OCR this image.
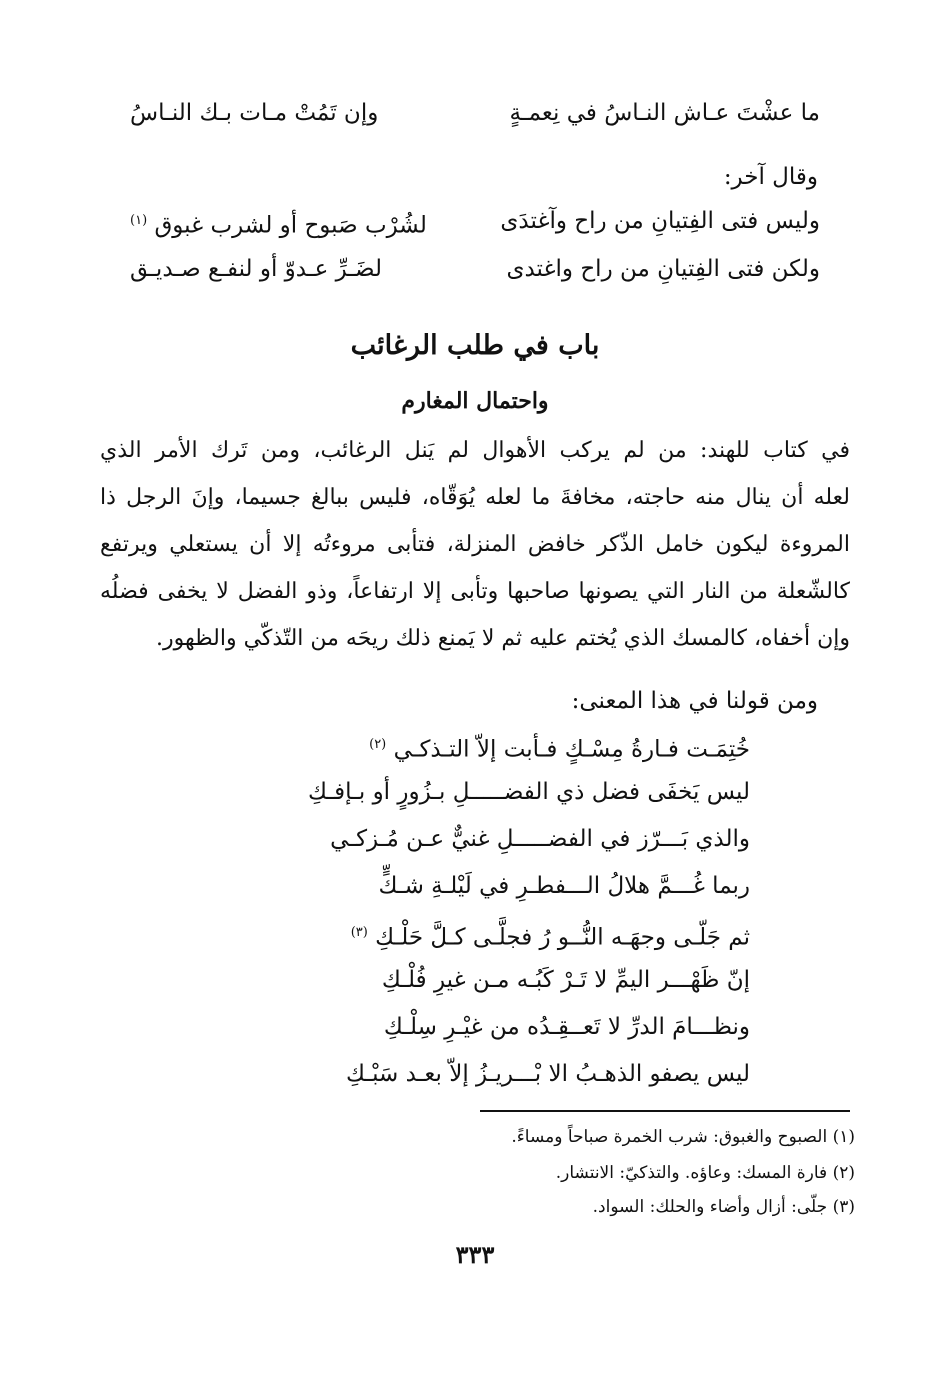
ما عشْتَ عـاش النـاسُ في نِعمـةٍ
وإن تَمُتْ مـات بـك النـاسُ
وقال آخر:
وليس فتى الفِتيانِ من راح وآغتدَى
لشُرْب صَبوح أو لشرب غبوق $^{(١)}$
ولكن فتى الفِتيانِ من راح واغتدى
لضَـرِّ عـدوّ أو لنفـع صـديـق
باب في طلب الرغائب
واحتمال المغارم
في كتاب للهند: من لم يركب الأهوال لم يَنل الرغائب، ومن تَرك الأمر الذي
لعله أن ينال منه حاجته، مخافةَ ما لعله يُوَقّاه، فليس ببالغ جسيما، وإنَ الرجل ذا
المروءة ليكون خامل الذّكر خافض المنزلة، فتأبى مروءتُه إلا أن يستعلي ويرتفع
كالشّعلة من النار التي يصونها صاحبها وتأبى إلا ارتفاعاً، وذو الفضل لا يخفى فضلُه
وإن أخفاه، كالمسك الذي يُختم عليه ثم لا يَمنع ذلك ريحَه من التّذكّي والظهور.
ومن قولنا في هذا المعنى:
خُتِمَـت فـارةُ مِسْـكٍ فـأبت إلاّ التـذكـي $^{(٢)}$
ليس يَخفَى فضل ذي الفضـــــلِ بـزُورٍ أو بـإفـكِ
والذي بَـــرّز في الفضـــــلِ غنيٌّ عـن مُـزكـي
ربما غُـــمَّ هلالُ الـــفطـرِ في لَيْلـةِ شـكٍّ
ثم جَلّـى وجهَـه النُّــو رُ فجلَّـى كـلَّ حَلْـكِ $^{(٣)}$
إنّ ظَهْـــر اليمِّ لا تَـرْ كَبُـه مـن غيرِ فُلْـكِ
ونظـــامَ الدرِّ لا تَعــقِـدُه من غيْـرِ سِلْـكِ
ليس يصفو الذهـبُ الا بْـــريـزُ إلاّ بعـد سَبْـكِ
(١) الصبوح والغبوق: شرب الخمرة صباحاً ومساءً.
(٢) فارة المسك: وعاؤه. والتذكيّ: الانتشار.
(٣) جلّى: أزال وأضاء والحلك: السواد.
٣٣٣
